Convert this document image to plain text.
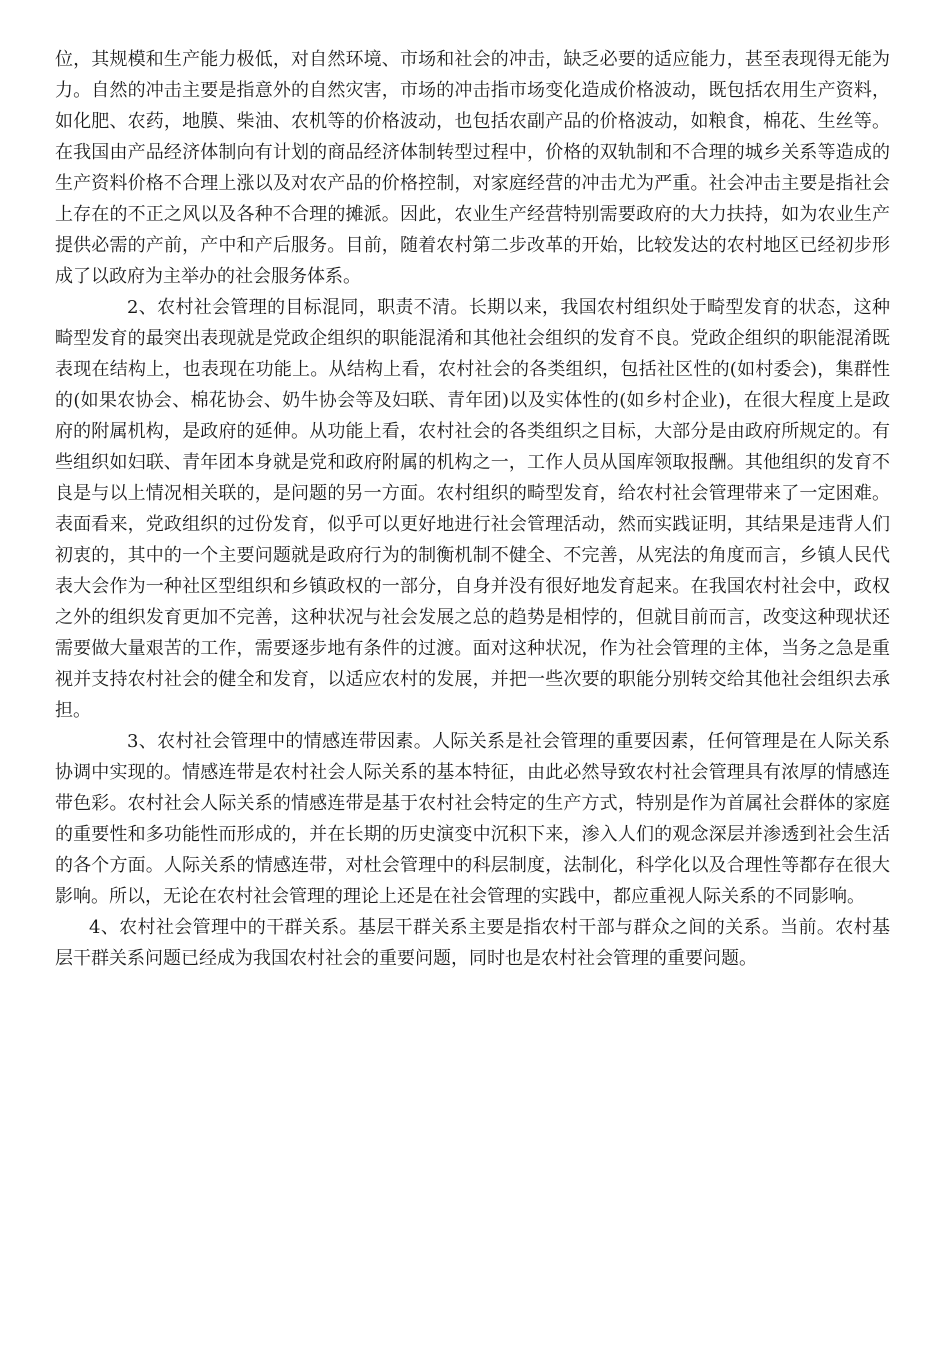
位，其规模和生产能力极低，对自然环境、市场和社会的冲击，缺乏必要的适应能力，甚至表现得无能为力。自然的冲击主要是指意外的自然灾害，市场的冲击指市场变化造成价格波动，既包括农用生产资料，如化肥、农药，地膜、柴油、农机等的价格波动，也包括农副产品的价格波动，如粮食，棉花、生丝等。在我国由产品经济体制向有计划的商品经济体制转型过程中，价格的双轨制和不合理的城乡关系等造成的生产资料价格不合理上涨以及对农产品的价格控制，对家庭经营的冲击尤为严重。社会冲击主要是指社会上存在的不正之风以及各种不合理的摊派。因此，农业生产经营特别需要政府的大力扶持，如为农业生产提供必需的产前，产中和产后服务。目前，随着农村第二步改革的开始，比较发达的农村地区已经初步形成了以政府为主举办的社会服务体系。

2、农村社会管理的目标混同，职责不清。长期以来，我国农村组织处于畸型发育的状态，这种畸型发育的最突出表现就是党政企组织的职能混淆和其他社会组织的发育不良。党政企组织的职能混淆既表现在结构上，也表现在功能上。从结构上看，农村社会的各类组织，包括社区性的(如村委会)，集群性的(如果农协会、棉花协会、奶牛协会等及妇联、青年团)以及实体性的(如乡村企业)，在很大程度上是政府的附属机构，是政府的延伸。从功能上看，农村社会的各类组织之目标，大部分是由政府所规定的。有些组织如妇联、青年团本身就是党和政府附属的机构之一，工作人员从国库领取报酬。其他组织的发育不良是与以上情况相关联的，是问题的另一方面。农村组织的畸型发育，给农村社会管理带来了一定困难。表面看来，党政组织的过份发育，似乎可以更好地进行社会管理活动，然而实践证明，其结果是违背人们初衷的，其中的一个主要问题就是政府行为的制衡机制不健全、不完善，从宪法的角度而言，乡镇人民代表大会作为一种社区型组织和乡镇政权的一部分，自身并没有很好地发育起来。在我国农村社会中，政权之外的组织发育更加不完善，这种状况与社会发展之总的趋势是相悖的，但就目前而言，改变这种现状还需要做大量艰苦的工作，需要逐步地有条件的过渡。面对这种状况，作为社会管理的主体，当务之急是重视并支持农村社会的健全和发育，以适应农村的发展，并把一些次要的职能分别转交给其他社会组织去承担。

3、农村社会管理中的情感连带因素。人际关系是社会管理的重要因素，任何管理是在人际关系协调中实现的。情感连带是农村社会人际关系的基本特征，由此必然导致农村社会管理具有浓厚的情感连带色彩。农村社会人际关系的情感连带是基于农村社会特定的生产方式，特别是作为首属社会群体的家庭的重要性和多功能性而形成的，并在长期的历史演变中沉积下来，渗入人们的观念深层并渗透到社会生活的各个方面。人际关系的情感连带，对杜会管理中的科层制度，法制化，科学化以及合理性等都存在很大影响。所以，无论在农村社会管理的理论上还是在社会管理的实践中，都应重视人际关系的不同影响。

4、农村社会管理中的干群关系。基层干群关系主要是指农村干部与群众之间的关系。当前。农村基层干群关系问题已经成为我国农村社会的重要问题，同时也是农村社会管理的重要问题。
